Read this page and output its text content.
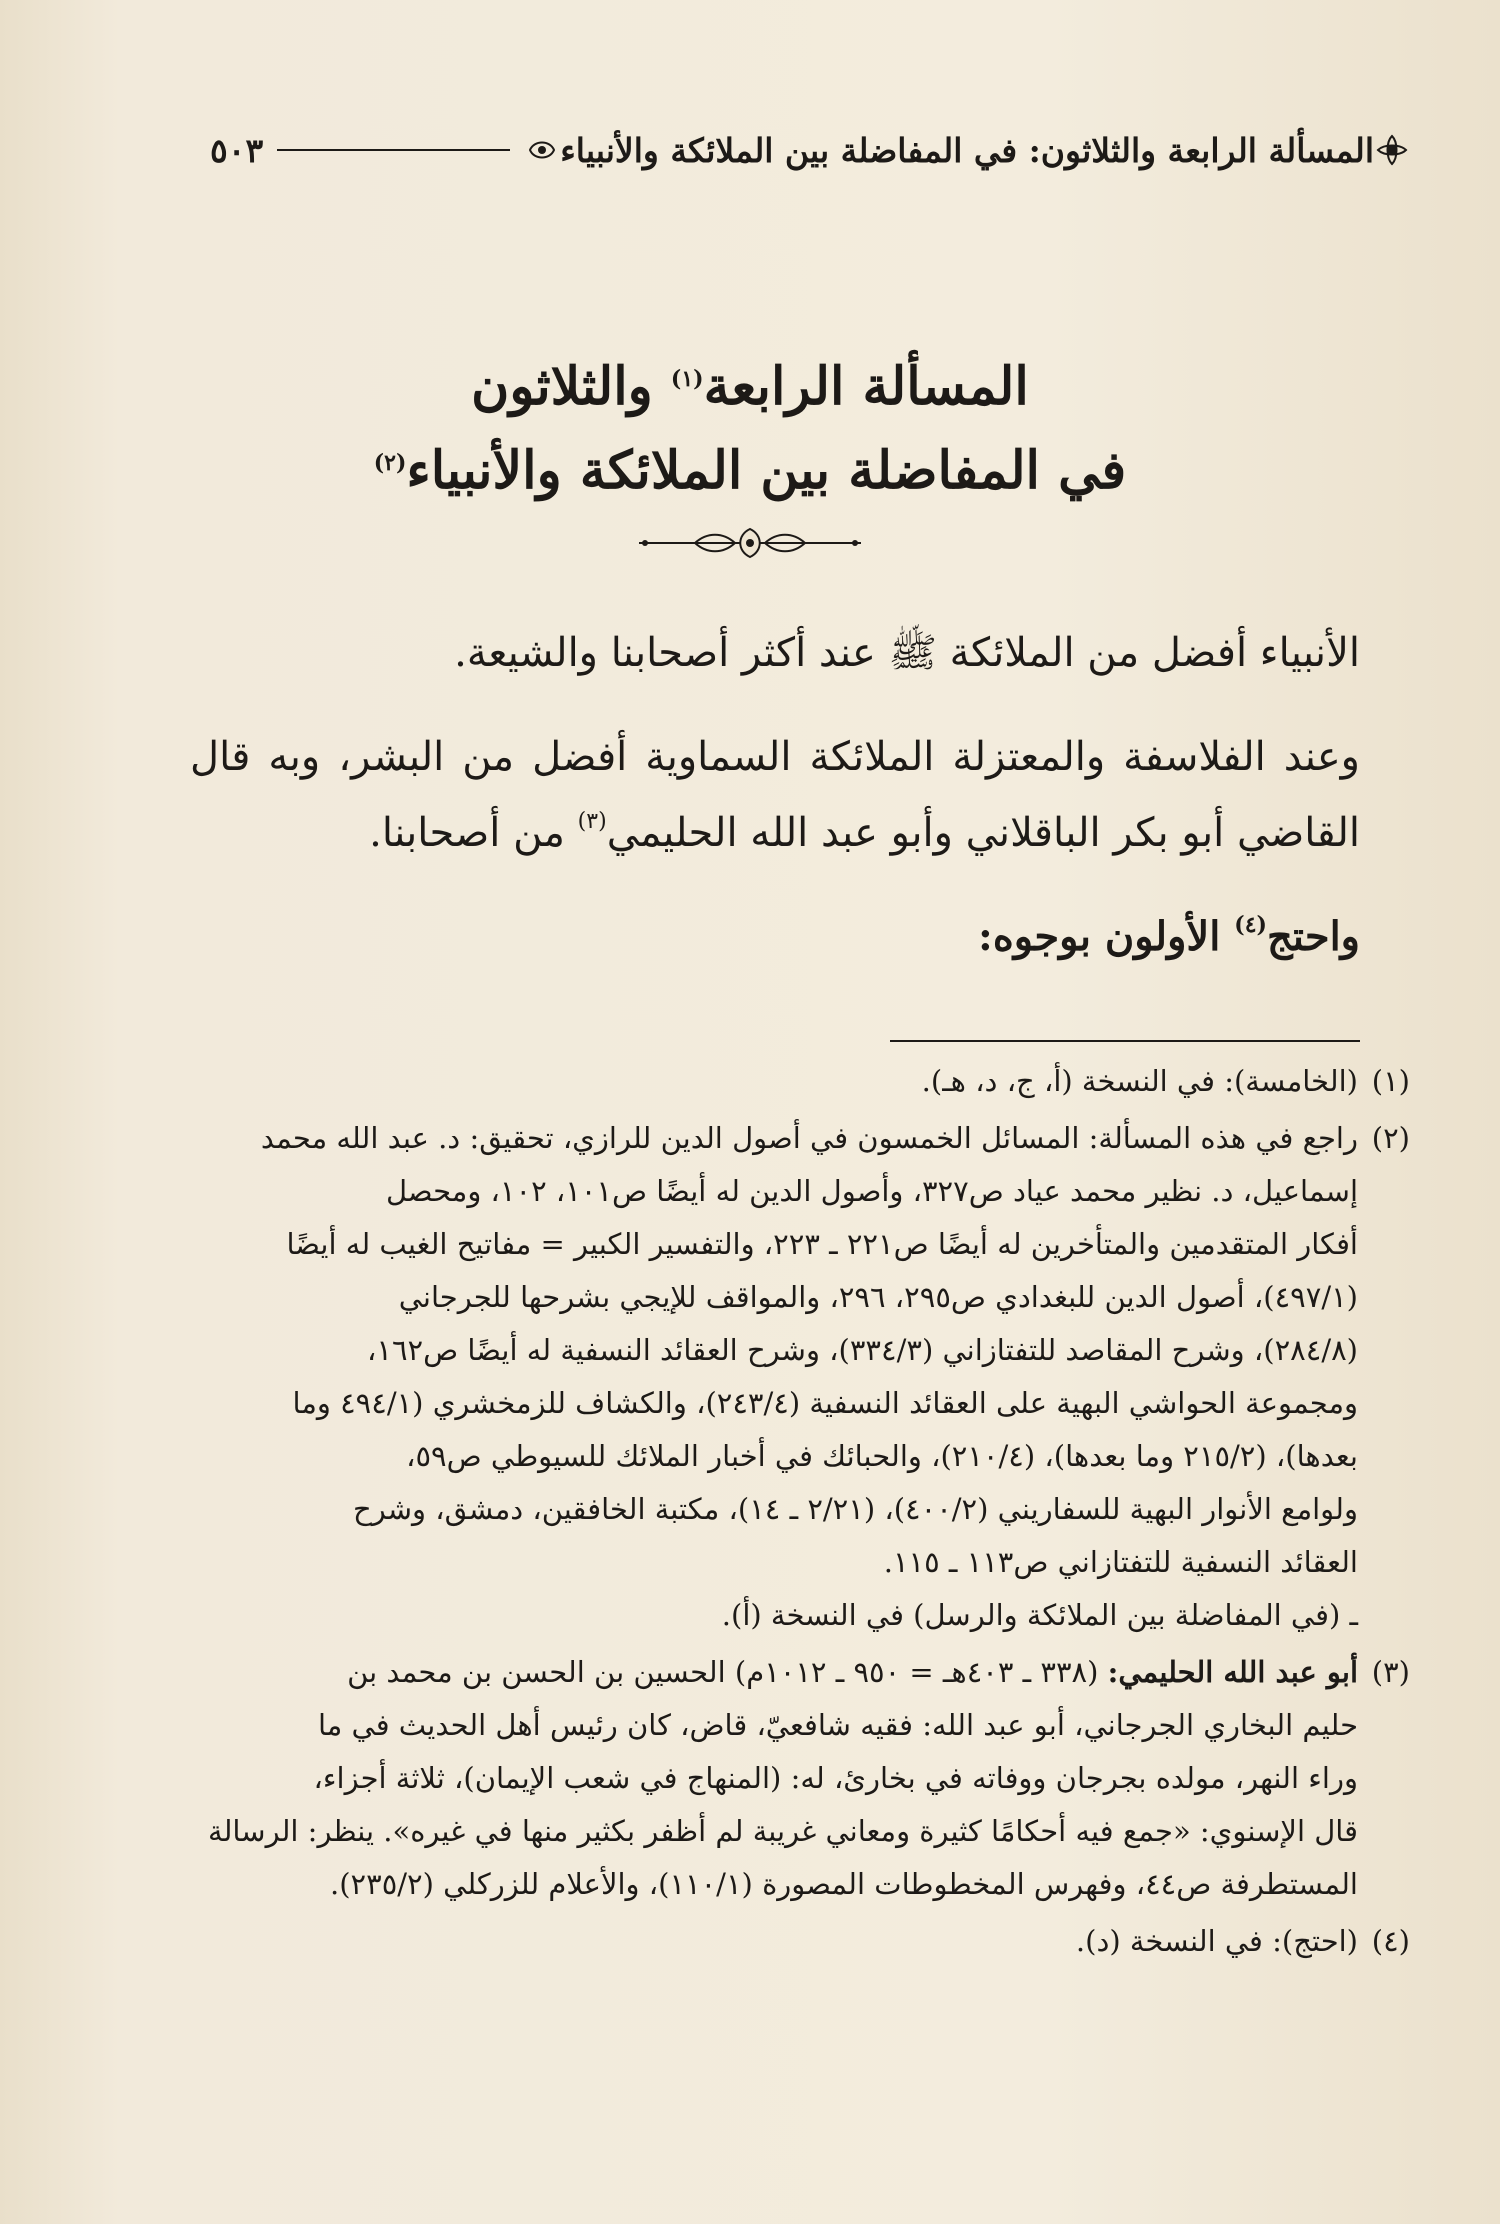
المسألة الرابعة والثلاثون: في المفاضلة بين الملائكة والأنبياء
٥٠٣
المسألة الرابعة$^{(١)}$ والثلاثون
في المفاضلة بين الملائكة والأنبياء$^{(٢)}$

الأنبياء أفضل من الملائكة ﷺ عند أكثر أصحابنا والشيعة.

وعند الفلاسفة والمعتزلة الملائكة السماوية أفضل من البشر، وبه قال القاضي أبو بكر الباقلاني وأبو عبد الله الحليمي$^{(٣)}$ من أصحابنا.

واحتج$^{(٤)}$ الأولون بوجوه:

(١)
(الخامسة): في النسخة (أ، ج، د، هـ).
(٢)
راجع في هذه المسألة: المسائل الخمسون في أصول الدين للرازي، تحقيق: د. عبد الله محمد
إسماعيل، د. نظير محمد عياد ص٣٢٧، وأصول الدين له أيضًا ص١٠١، ١٠٢، ومحصل
أفكار المتقدمين والمتأخرين له أيضًا ص٢٢١ ـ ٢٢٣، والتفسير الكبير = مفاتيح الغيب له أيضًا
(٤٩٧/١)، أصول الدين للبغدادي ص٢٩٥، ٢٩٦، والمواقف للإيجي بشرحها للجرجاني
(٢٨٤/٨)، وشرح المقاصد للتفتازاني (٣٣٤/٣)، وشرح العقائد النسفية له أيضًا ص١٦٢،
ومجموعة الحواشي البهية على العقائد النسفية (٢٤٣/٤)، والكشاف للزمخشري (٤٩٤/١ وما
بعدها)، (٢١٥/٢ وما بعدها)، (٢١٠/٤)، والحبائك في أخبار الملائك للسيوطي ص٥٩،
ولوامع الأنوار البهية للسفاريني (٤٠٠/٢)، (٢/٢١ ـ ١٤)، مكتبة الخافقين، دمشق، وشرح
العقائد النسفية للتفتازاني ص١١٣ ـ ١١٥.
ـ (في المفاضلة بين الملائكة والرسل) في النسخة (أ).
(٣)
أبو عبد الله الحليمي: (٣٣٨ ـ ٤٠٣هـ = ٩٥٠ ـ ١٠١٢م) الحسين بن الحسن بن محمد بن
حليم البخاري الجرجاني، أبو عبد الله: فقيه شافعيّ، قاض، كان رئيس أهل الحديث في ما
وراء النهر، مولده بجرجان ووفاته في بخارئ، له: (المنهاج في شعب الإيمان)، ثلاثة أجزاء،
قال الإسنوي: «جمع فيه أحكامًا كثيرة ومعاني غريبة لم أظفر بكثير منها في غيره». ينظر: الرسالة
المستطرفة ص٤٤، وفهرس المخطوطات المصورة (١١٠/١)، والأعلام للزركلي (٢٣٥/٢).
(٤)
(احتج): في النسخة (د).
